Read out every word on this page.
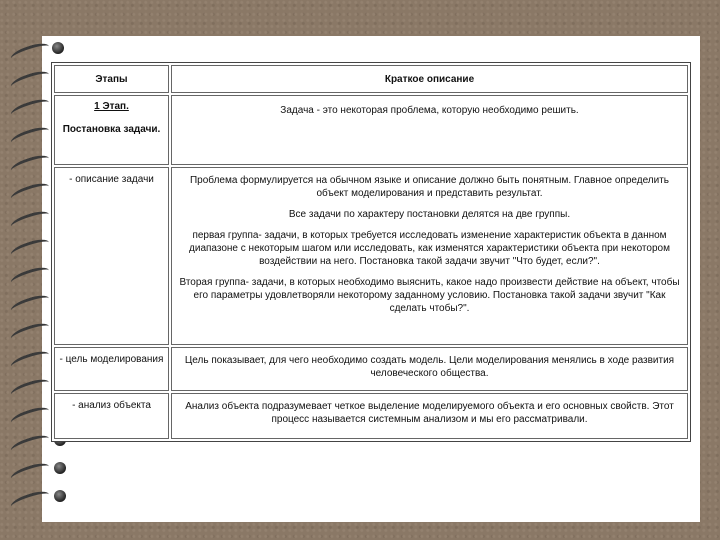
Этапы	Краткое описание

1 Этап.
Постановка задачи.	Задача - это некоторая проблема, которую необходимо решить.

- описание задачи	Проблема формулируется на обычном языке и описание должно быть понятным. Главное определить объект моделирования и представить результат.

Все задачи по характеру постановки делятся на две группы.

первая группа- задачи, в которых требуется исследовать изменение характеристик объекта в данном диапазоне с некоторым шагом или исследовать, как изменятся характеристики объекта при некотором воздействии на него. Постановка такой задачи звучит "Что будет, если?".

Вторая группа- задачи, в которых необходимо выяснить, какое надо произвести действие на объект, чтобы его параметры удовлетворяли некоторому заданному условию. Постановка такой задачи звучит "Как сделать чтобы?".

- цель моделирования	Цель показывает, для чего необходимо создать модель. Цели моделирования менялись в ходе развития человеческого общества.

- анализ объекта	Анализ объекта подразумевает четкое выделение моделируемого объекта и его основных свойств. Этот процесс называется системным анализом и мы его рассматривали.
